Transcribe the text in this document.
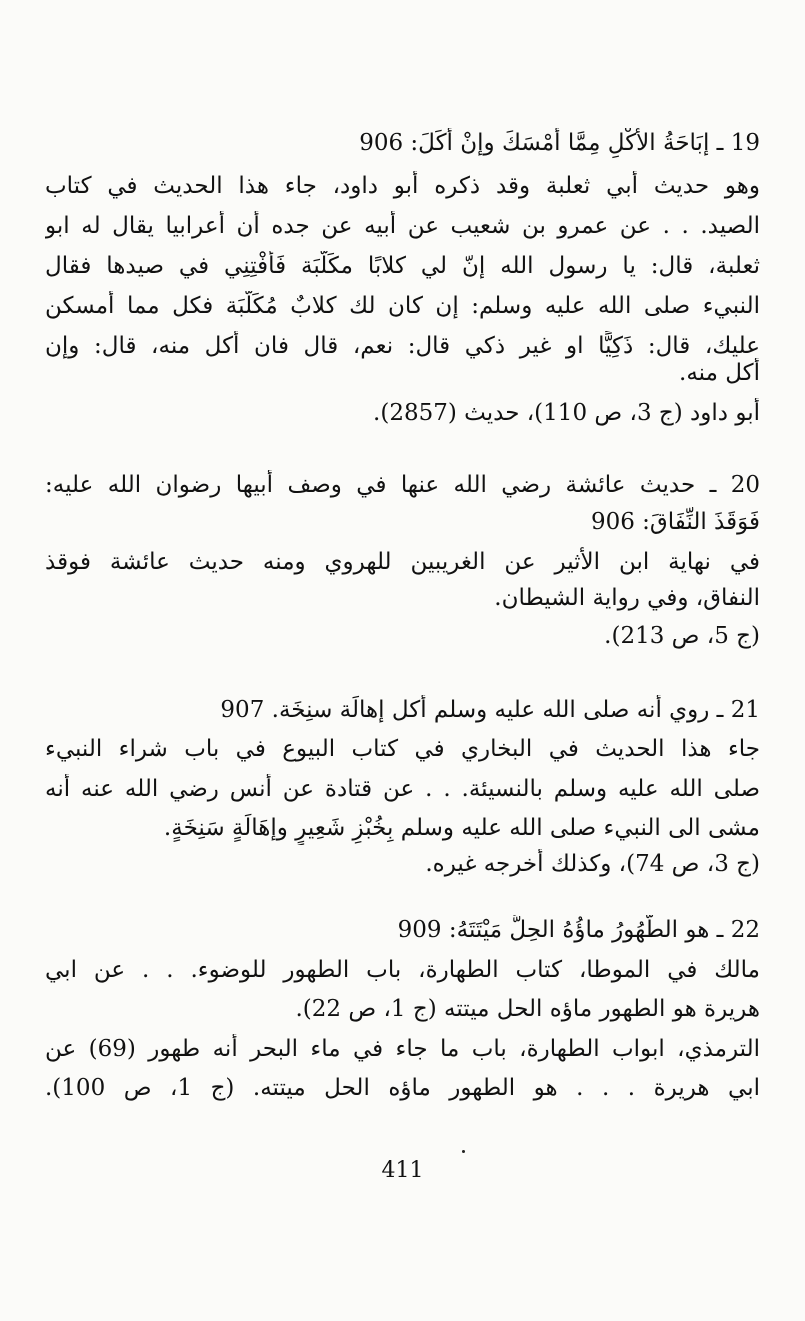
19 ـ إبَاحَةُ الأكْلِ مِمَّا أمْسَكَ وإنْ أكَلَ: 906
وهو حديث أبي ثعلبة وقد ذكره أبو داود، جاء هذا الحديث في كتاب
الصيد. . . عن عمرو بن شعيب عن أبيه عن جده أن أعرابيا يقال له ابو
ثعلبة، قال: يا رسول الله إنّ لي كلابًا مكَلَّبَة فَأفْتِنِي في صيدها فقال
النبيء صلى الله عليه وسلم: إن كان لك كلابٌ مُكَلَّبَة فكل مما أمسكن
عليك، قال: ذَكِيًّا او غير ذكي قال: نعم، قال فان أكل منه، قال: وإن
أكل منه.
أبو داود (ج 3، ص 110)، حديث (2857).
20 ـ حديث عائشة رضي الله عنها في وصف أبيها رضوان الله عليه:
فَوَقَذَ النِّفَاقَ: 906
في نهاية ابن الأثير عن الغريبين للهروي ومنه حديث عائشة فوقذ
النفاق، وفي رواية الشيطان.
(ج 5، ص 213).
21 ـ روي أنه صلى الله عليه وسلم أكل إهالَة سنِخَة. 907
جاء هذا الحديث في البخاري في كتاب البيوع في باب شراء النبيء
صلى الله عليه وسلم بالنسيئة. . . عن قتادة عن أنس رضي الله عنه أنه
مشى الى النبيء صلى الله عليه وسلم بِخُبْزِ شَعِيرٍ وإهَالَةٍ سَنِخَةٍ.
(ج 3، ص 74)، وكذلك أخرجه غيره.
22 ـ هو الطَّهُورُ ماؤُهُ الحِلُّ مَيْتَتَهُ: 909
مالك في الموطا، كتاب الطهارة، باب الطهور للوضوء. . . عن ابي
هريرة هو الطهور ماؤه الحل ميتته (ج 1، ص 22).
الترمذي، ابواب الطهارة، باب ما جاء في ماء البحر أنه طهور (69) عن
ابي هريرة . . . هو الطهور ماؤه الحل ميتته. (ج 1، ص 100).
411
